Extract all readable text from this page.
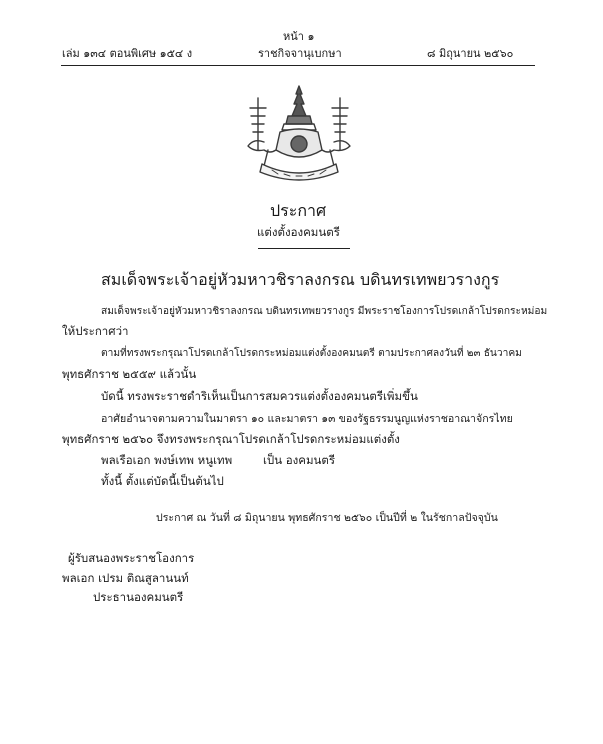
หน้า ๑
เล่ม ๑๓๔ ตอนพิเศษ ๑๕๔ ง	ราชกิจจานุเบกษา	๘ มิถุนายน ๒๕๖๐
ประกาศ
แต่งตั้งองคมนตรี
สมเด็จพระเจ้าอยู่หัวมหาวชิราลงกรณ บดินทรเทพยวรางกูร
สมเด็จพระเจ้าอยู่หัวมหาวชิราลงกรณ บดินทรเทพยวรางกูร มีพระราชโองการโปรดเกล้าโปรดกระหม่อม
ให้ประกาศว่า
ตามที่ทรงพระกรุณาโปรดเกล้าโปรดกระหม่อมแต่งตั้งองคมนตรี ตามประกาศลงวันที่ ๒๓ ธันวาคม
พุทธศักราช ๒๕๕๙ แล้วนั้น
บัดนี้ ทรงพระราชดำริเห็นเป็นการสมควรแต่งตั้งองคมนตรีเพิ่มขึ้น
อาศัยอำนาจตามความในมาตรา ๑๐ และมาตรา ๑๓ ของรัฐธรรมนูญแห่งราชอาณาจักรไทย
พุทธศักราช ๒๕๖๐ จึงทรงพระกรุณาโปรดเกล้าโปรดกระหม่อมแต่งตั้ง
พลเรือเอก พงษ์เทพ หนูเทพ	เป็น องคมนตรี
ทั้งนี้ ตั้งแต่บัดนี้เป็นต้นไป
ประกาศ ณ วันที่ ๘ มิถุนายน พุทธศักราช ๒๕๖๐ เป็นปีที่ ๒ ในรัชกาลปัจจุบัน
ผู้รับสนองพระราชโองการ
พลเอก เปรม ติณสูลานนท์
ประธานองคมนตรี
